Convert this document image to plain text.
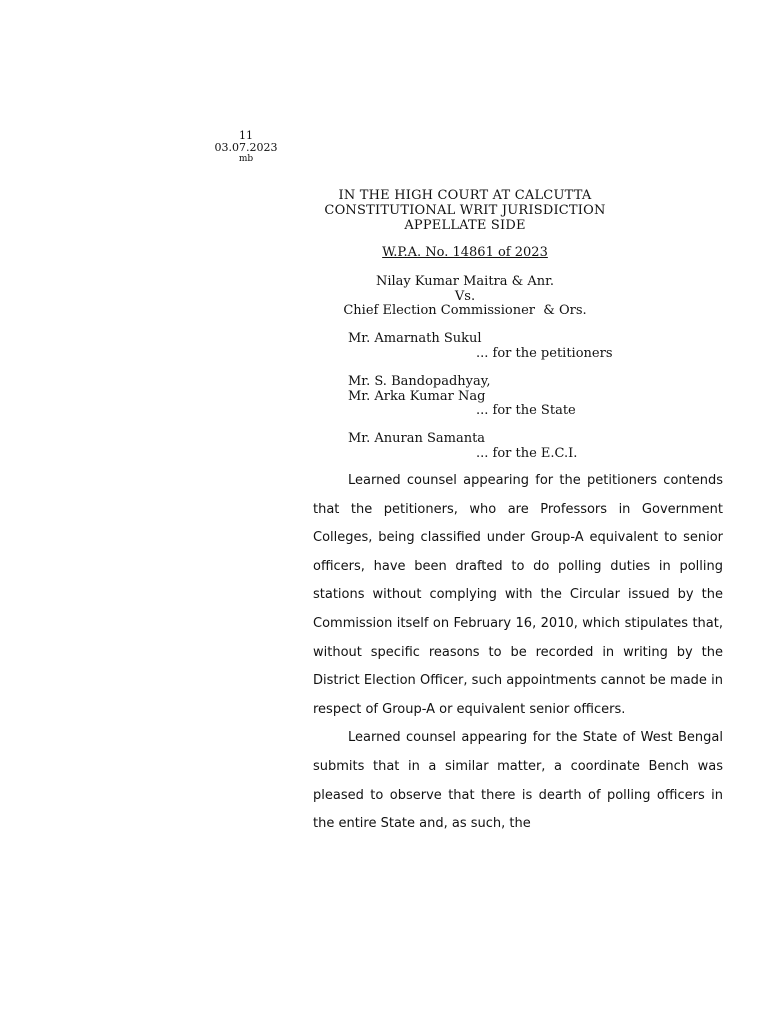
11
03.07.2023
mb
IN THE HIGH COURT AT CALCUTTA
CONSTITUTIONAL WRIT JURISDICTION
APPELLATE SIDE
W.P.A. No. 14861 of 2023
Nilay Kumar Maitra & Anr.
Vs.
Chief Election Commissioner  & Ors.
Mr. Amarnath Sukul
... for the petitioners
Mr. S. Bandopadhyay,
Mr. Arka Kumar Nag
... for the State
Mr. Anuran Samanta
... for the E.C.I.

Learned counsel appearing for the petitioners contends that the petitioners, who are Professors in Government Colleges, being classified under Group-A equivalent to senior officers, have been drafted to do polling duties in polling stations without complying with the Circular issued by the Commission itself on February 16, 2010, which stipulates that, without specific reasons to be recorded in writing by the District Election Officer, such appointments cannot be made in respect of Group-A or equivalent senior officers.

Learned counsel appearing for the State of West Bengal submits that in a similar matter, a coordinate Bench was pleased to observe that there is dearth of polling officers in the entire State and, as such, the
